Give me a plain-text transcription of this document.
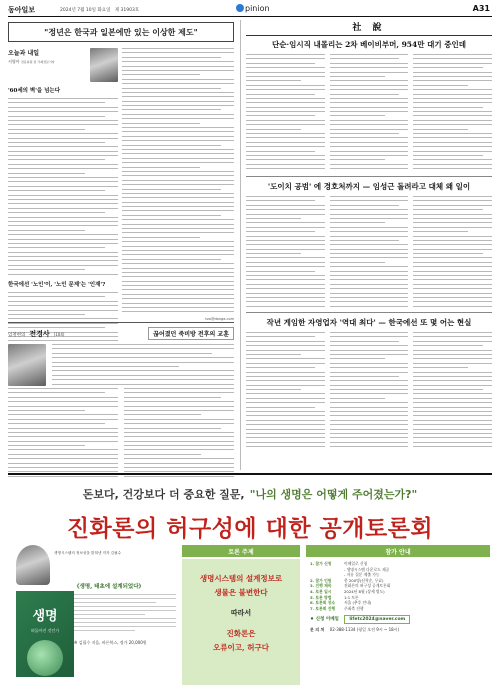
동아일보	2024년 7월 10일 화요일 제 31903호	pinion	A31
"정년은 한국과 일본에만 있는 이상한 제도"
오늘과 내일
서영아 전문위원 겸 국제전문기자
'60세의 벽'을 넘는다
한국에선 '노인'이, '노인 문제'는 '인재'?
lsw@donga.com
임철현의 전경사 (104)	끊어졌던 죽비방 전후의 교훈
社 說
단순·임시직 내몰리는 2차 베이비부머, 954만 대기 중인데
'도이치 공범' 에 경호처까지 — 임성근 돌려라고 대체 왜 일이
작년 게임한 자영업자 '역대 최다' — 한국에선 또 몇 어는 현실
돈보다, 건강보다 더 중요한 질문, "나의 생명은 어떻게 주어졌는가?"
진화론의 허구성에 대한 공개토론회
생명시스템의 정보성을 밝혀낸 저자 김필수
생명
떠돌아진 것인가
《생명, 태초에 설계되었다》
※ 김필수 지음, 바른북스, 정가 20,000원
토론 주제
생명시스템의 설계정보로
생물은 불변한다
따라서
진화론은
오류이고, 허구다
참가 안내
1. 참가 신청	이메일로 신청
- 생명시스템 다운로드 제공
- 자유 질문 제출 가능
2. 참가 인원	총 200명(선착순, 무료)
3. 진행 제목	진화론의 허구성 공개토론회
4. 토론 일시	2024년 8월 (상세 별도)
5. 토론 방법	1:1 토론
6. 토론회 장소 서울 (추후 안내)
7. 토론회 진행 주최측 진행
♦ 신청 이메일 lifetc2024@naver.com
문 의 처 02-388-1134 (평일 오전 9시 ~ 18시)
